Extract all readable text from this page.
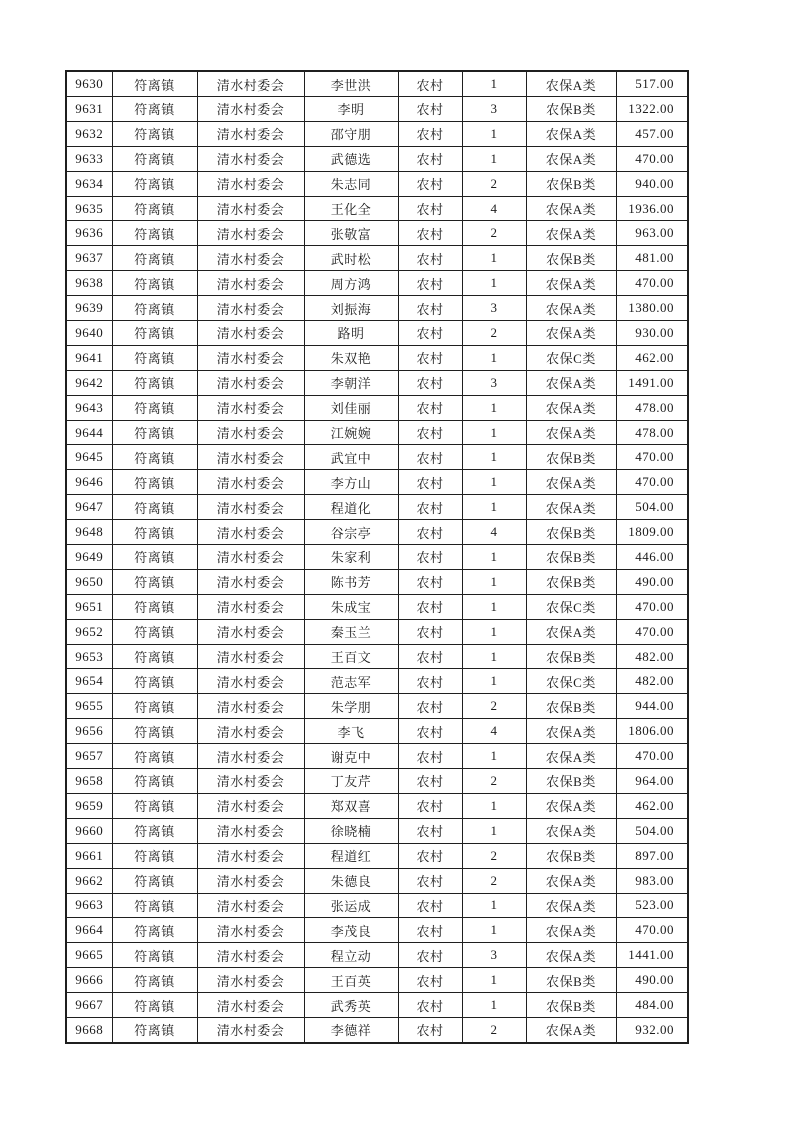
9630	符离镇	清水村委会	李世洪	农村	1	农保A类	517.00
9631	符离镇	清水村委会	李明	农村	3	农保B类	1322.00
9632	符离镇	清水村委会	邵守朋	农村	1	农保A类	457.00
9633	符离镇	清水村委会	武德选	农村	1	农保A类	470.00
9634	符离镇	清水村委会	朱志同	农村	2	农保B类	940.00
9635	符离镇	清水村委会	王化全	农村	4	农保A类	1936.00
9636	符离镇	清水村委会	张敬富	农村	2	农保A类	963.00
9637	符离镇	清水村委会	武时松	农村	1	农保B类	481.00
9638	符离镇	清水村委会	周方鸿	农村	1	农保A类	470.00
9639	符离镇	清水村委会	刘振海	农村	3	农保A类	1380.00
9640	符离镇	清水村委会	路明	农村	2	农保A类	930.00
9641	符离镇	清水村委会	朱双艳	农村	1	农保C类	462.00
9642	符离镇	清水村委会	李朝洋	农村	3	农保A类	1491.00
9643	符离镇	清水村委会	刘佳丽	农村	1	农保A类	478.00
9644	符离镇	清水村委会	江婉婉	农村	1	农保A类	478.00
9645	符离镇	清水村委会	武宜中	农村	1	农保B类	470.00
9646	符离镇	清水村委会	李方山	农村	1	农保A类	470.00
9647	符离镇	清水村委会	程道化	农村	1	农保A类	504.00
9648	符离镇	清水村委会	谷宗亭	农村	4	农保B类	1809.00
9649	符离镇	清水村委会	朱家利	农村	1	农保B类	446.00
9650	符离镇	清水村委会	陈书芳	农村	1	农保B类	490.00
9651	符离镇	清水村委会	朱成宝	农村	1	农保C类	470.00
9652	符离镇	清水村委会	秦玉兰	农村	1	农保A类	470.00
9653	符离镇	清水村委会	王百文	农村	1	农保B类	482.00
9654	符离镇	清水村委会	范志军	农村	1	农保C类	482.00
9655	符离镇	清水村委会	朱学朋	农村	2	农保B类	944.00
9656	符离镇	清水村委会	李飞	农村	4	农保A类	1806.00
9657	符离镇	清水村委会	谢克中	农村	1	农保A类	470.00
9658	符离镇	清水村委会	丁友芹	农村	2	农保B类	964.00
9659	符离镇	清水村委会	郑双喜	农村	1	农保A类	462.00
9660	符离镇	清水村委会	徐晓楠	农村	1	农保A类	504.00
9661	符离镇	清水村委会	程道红	农村	2	农保B类	897.00
9662	符离镇	清水村委会	朱德良	农村	2	农保A类	983.00
9663	符离镇	清水村委会	张运成	农村	1	农保A类	523.00
9664	符离镇	清水村委会	李茂良	农村	1	农保A类	470.00
9665	符离镇	清水村委会	程立动	农村	3	农保A类	1441.00
9666	符离镇	清水村委会	王百英	农村	1	农保B类	490.00
9667	符离镇	清水村委会	武秀英	农村	1	农保B类	484.00
9668	符离镇	清水村委会	李德祥	农村	2	农保A类	932.00
